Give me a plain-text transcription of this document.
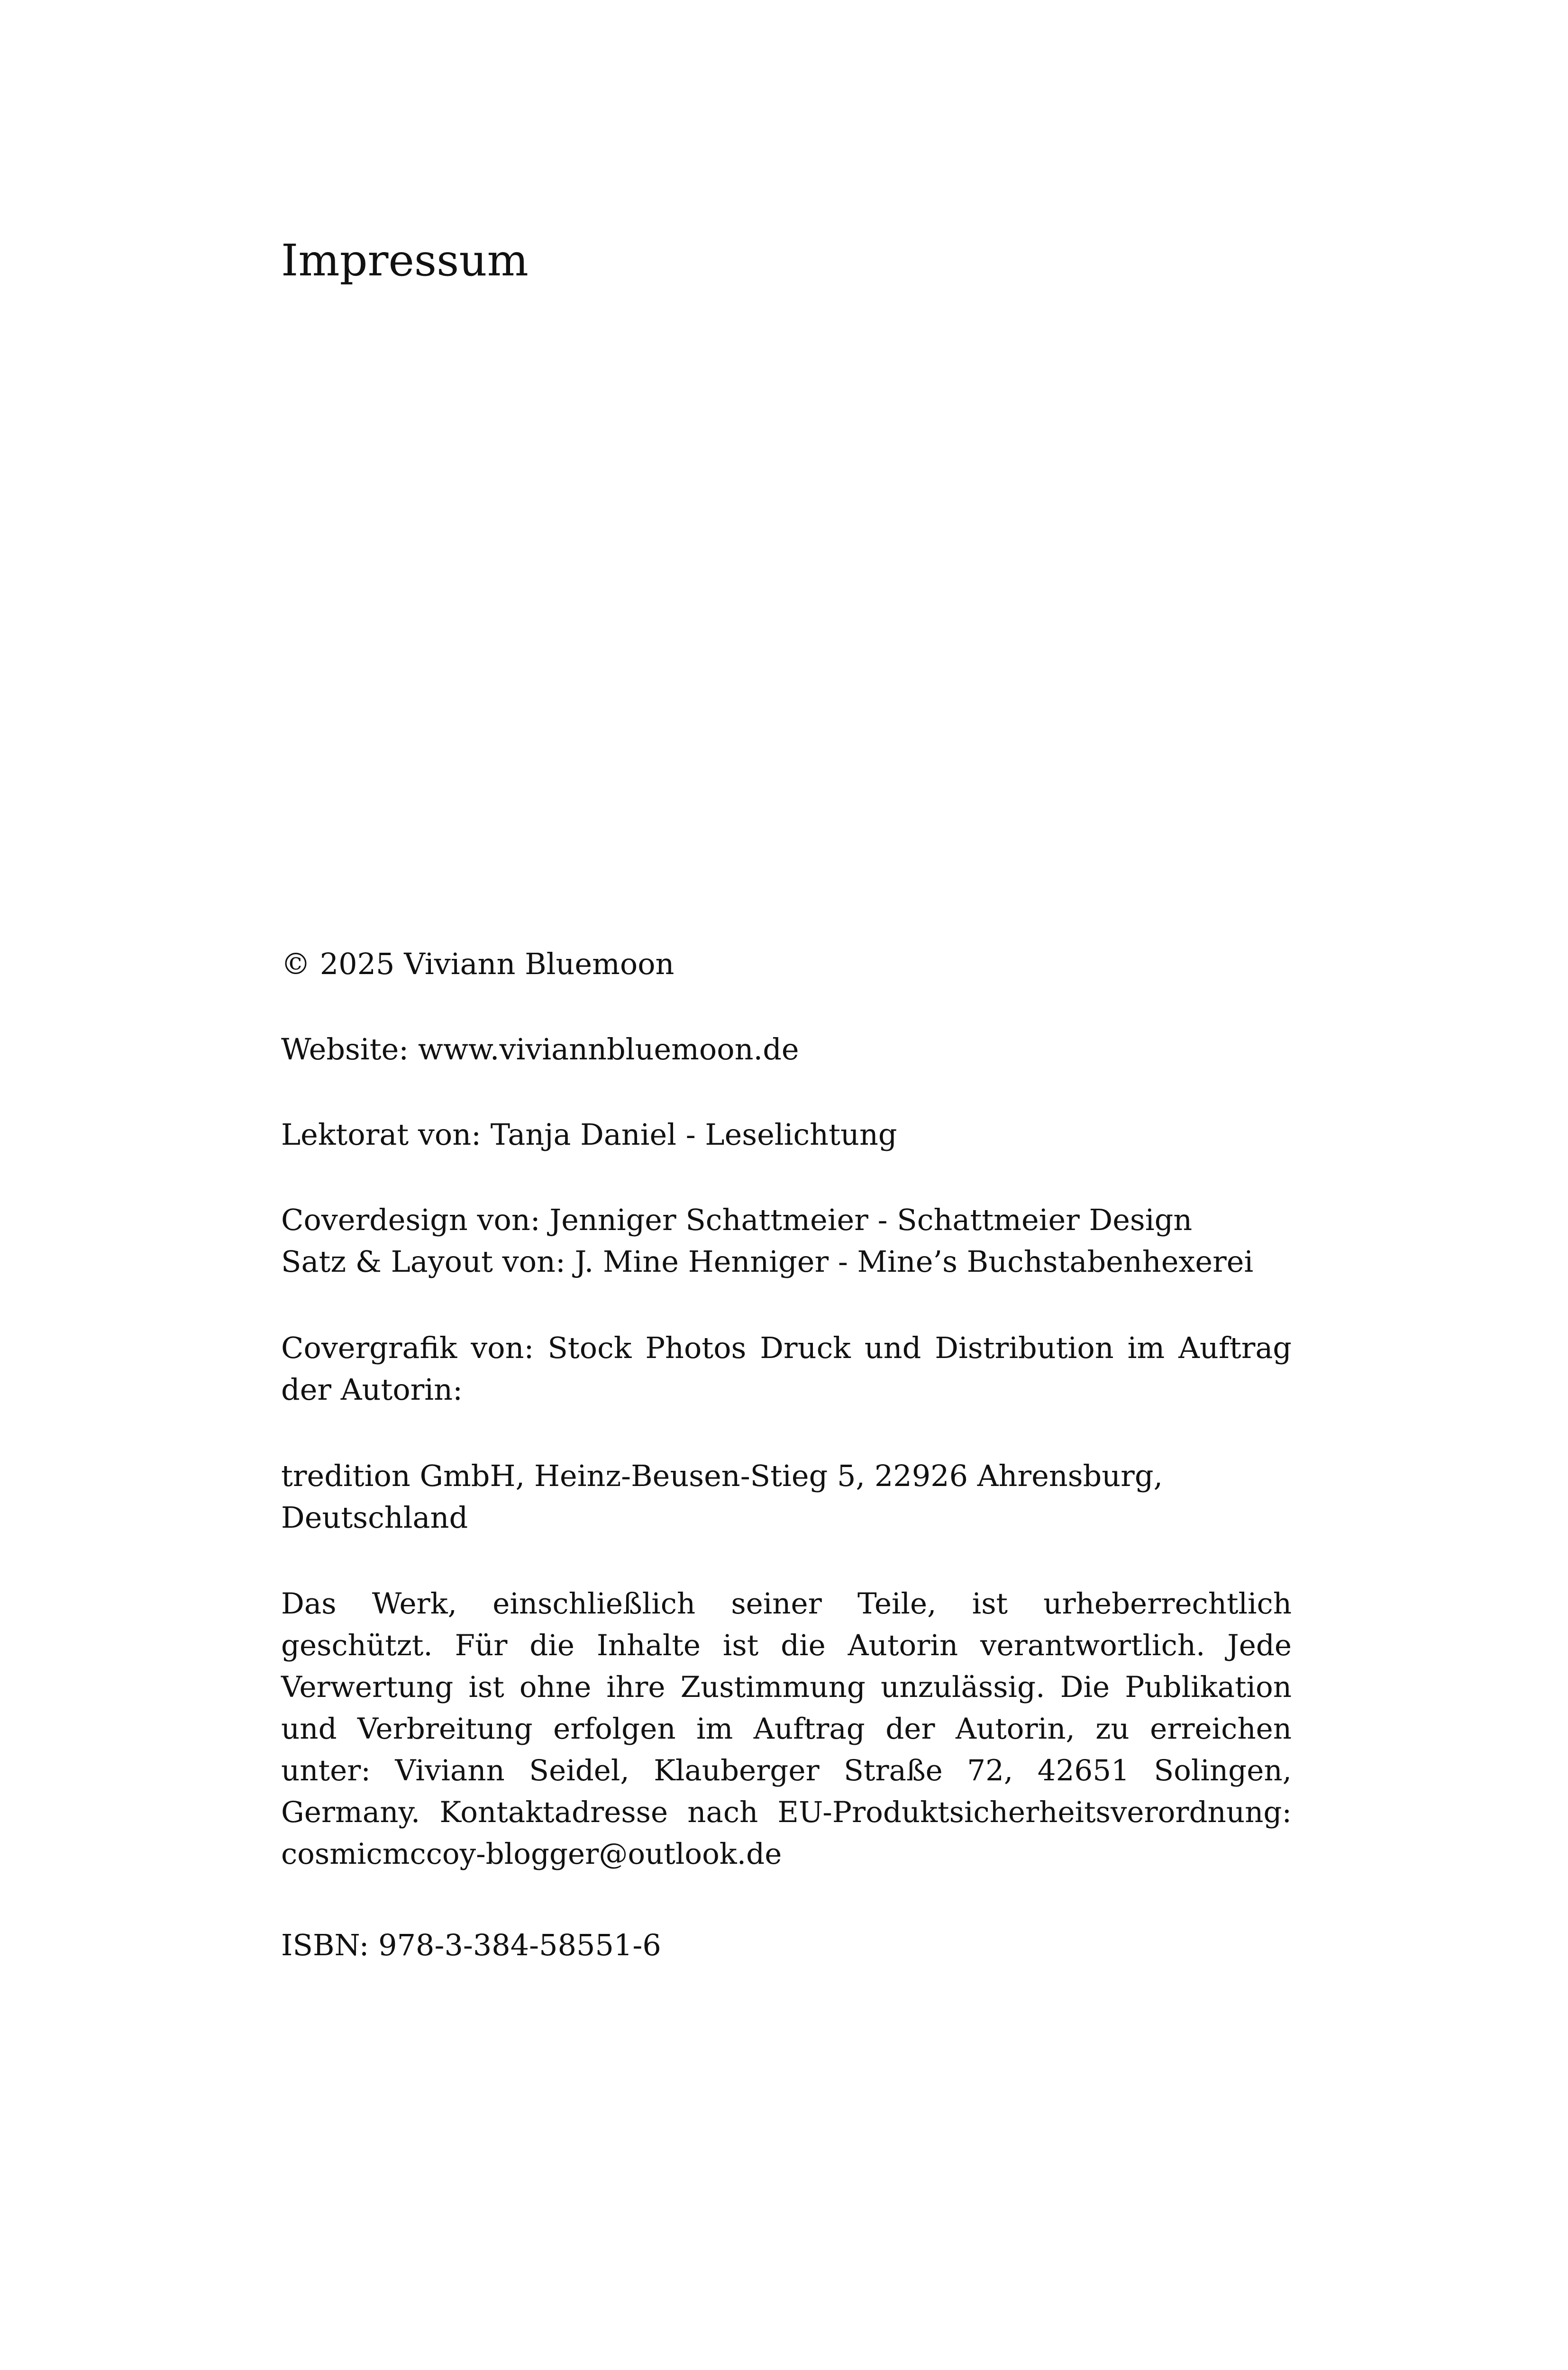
Impressum

© 2025 Viviann Bluemoon

Website: www.viviannbluemoon.de

Lektorat von: Tanja Daniel - Leselichtung

Coverdesign von: Jenniger Schattmeier - Schattmeier Design
Satz & Layout von: J. Mine Henniger - Mine’s Buchstabenhexerei

Covergrafik von: Stock Photos Druck und Distribution im Auftrag der Autorin:

tredition GmbH, Heinz-Beusen-Stieg 5, 22926 Ahrensburg, Deutschland

Das Werk, einschließlich seiner Teile, ist urheberrechtlich geschützt. Für die Inhalte ist die Autorin verantwortlich. Jede Verwertung ist ohne ihre Zustimmung unzulässig. Die Publikation und Verbreitung erfolgen im Auftrag der Autorin, zu erreichen unter: Viviann Seidel, Klauberger Straße 72, 42651 Solingen, Germany. Kontaktadresse nach EU-Produktsicherheitsverordnung: cosmicmccoy-blogger@outlook.de

ISBN: 978-3-384-58551-6
